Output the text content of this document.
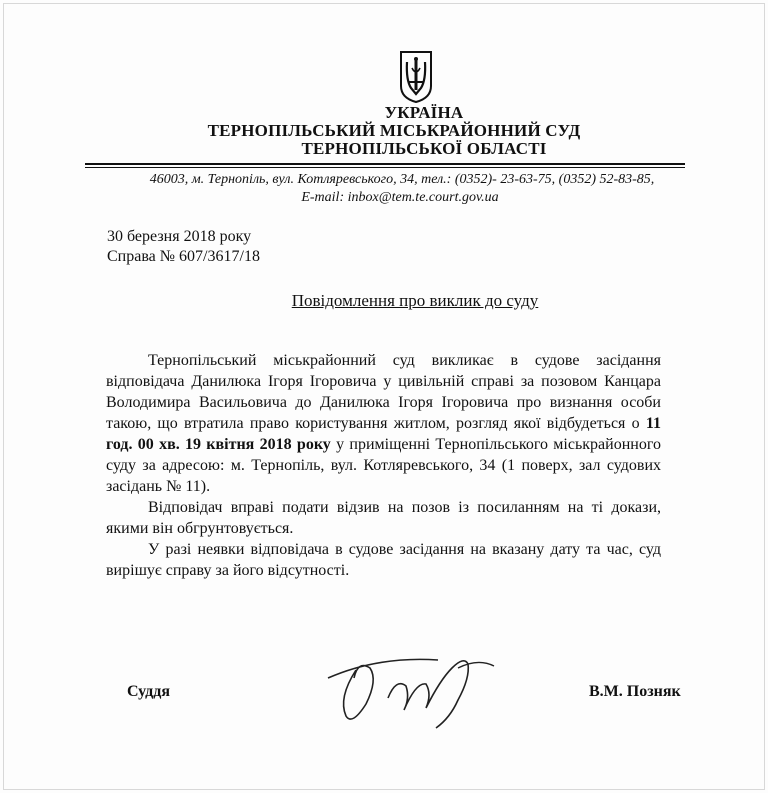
УКРАЇНА
ТЕРНОПІЛЬСЬКИЙ МІСЬКРАЙОННИЙ СУД
ТЕРНОПІЛЬСЬКОЇ ОБЛАСТІ
46003, м. Тернопіль, вул. Котляревського, 34, тел.: (0352)- 23-63-75, (0352) 52-83-85,
E-mail: inbox@tem.te.court.gov.ua
30 березня 2018 року
Справа № 607/3617/18
Повідомлення про виклик до суду

Тернопільський міськрайонний суд викликає в судове засідання відповідача Данилюка Ігоря Ігоровича у цивільній справі за позовом Канцара Володимира Васильовича до Данилюка Ігоря Ігоровича про визнання особи такою, що втратила право користування житлом, розгляд якої відбудеться о 11 год. 00 хв. 19 квітня 2018 року у приміщенні Тернопільського міськрайонного суду за адресою: м. Тернопіль, вул. Котляревського, 34 (1 поверх, зал судових засідань № 11).

Відповідач вправі подати відзив на позов із посиланням на ті докази, якими він обгрунтовується.

У разі неявки відповідача в судове засідання на вказану дату та час, суд вирішує справу за його відсутності.

Суддя	В.М. Позняк
